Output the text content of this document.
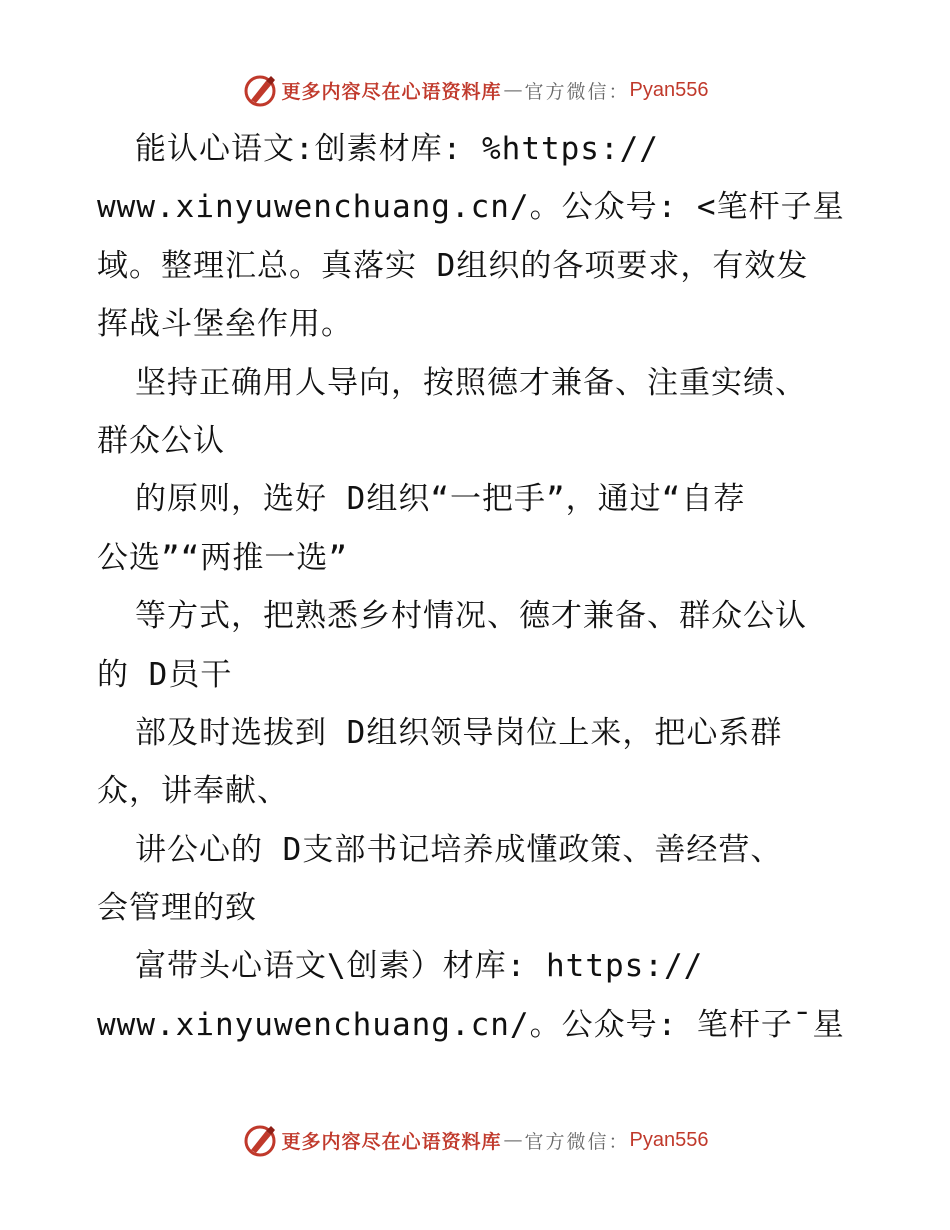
更多内容尽在心语资料库 — 官方微信： Pyan556
能认心语文:创素材库: %https://
www.xinyuwenchuang.cn/。公众号: <笔杆子星
域。整理汇总。真落实 D组织的各项要求，有效发
挥战斗堡垒作用。
坚持正确用人导向，按照德才兼备、注重实绩、
群众公认
的原则，选好 D组织“一把手”，通过“自荐
公选”“两推一选”
等方式，把熟悉乡村情况、德才兼备、群众公认
的 D员干
部及时选拔到 D组织领导岗位上来，把心系群
众，讲奉献、
讲公心的 D支部书记培养成懂政策、善经营、
会管理的致
富带头心语文\创素）材库: https://
www.xinyuwenchuang.cn/。公众号: 笔杆子¯星
更多内容尽在心语资料库 — 官方微信： Pyan556
